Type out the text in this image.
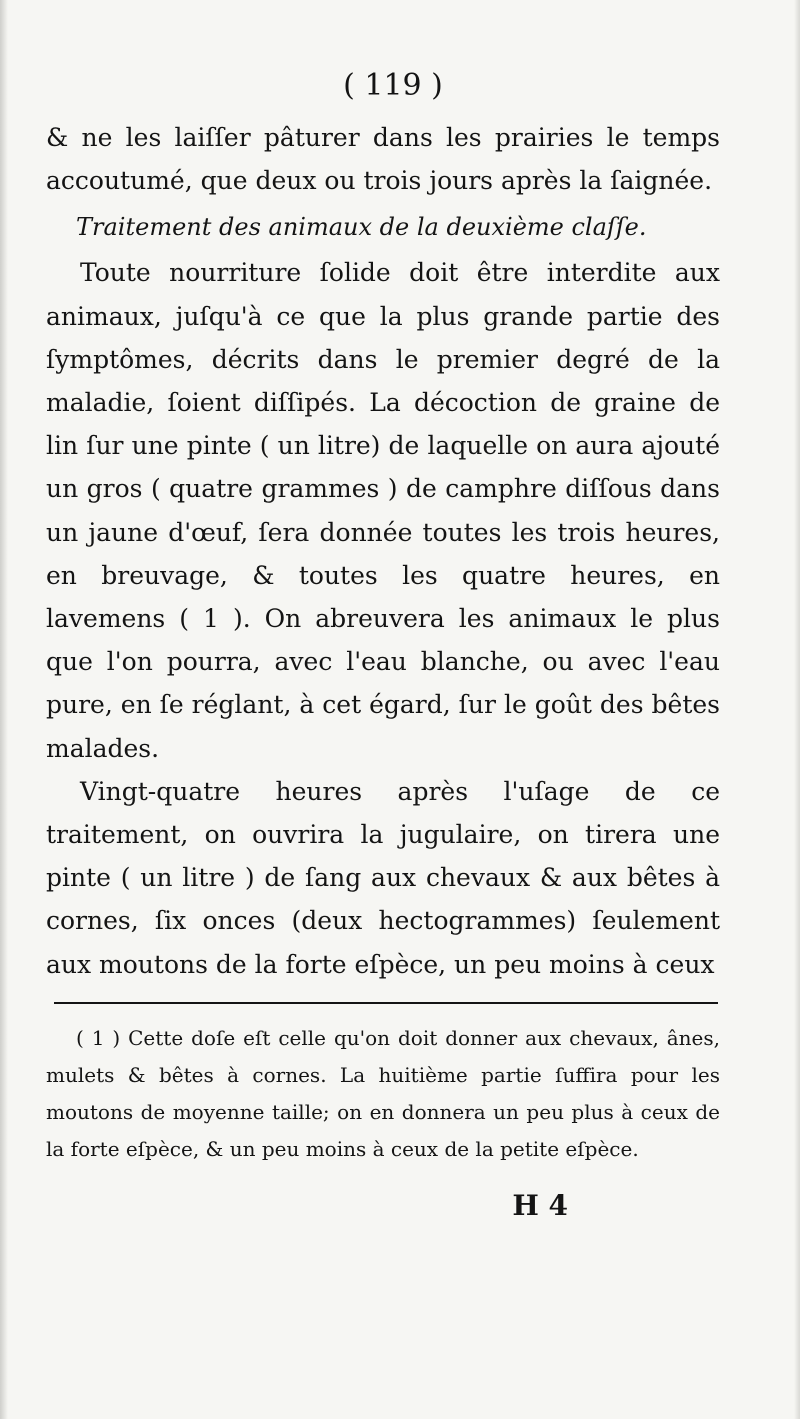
( 119 )

& ne les laiſſer pâturer dans les prairies le temps accoutumé, que deux ou trois jours après la ſaignée.

Traitement des animaux de la deuxième claſſe.

Toute nourriture ſolide doit être interdite aux animaux, juſqu'à ce que la plus grande partie des ſymptômes, décrits dans le premier degré de la maladie, ſoient diſſipés. La décoction de graine de lin ſur une pinte ( un litre) de laquelle on aura ajouté un gros ( quatre grammes ) de camphre diſſous dans un jaune d'œuf, ſera donnée toutes les trois heures, en breuvage, & toutes les quatre heures, en lavemens ( 1 ). On abreuvera les animaux le plus que l'on pourra, avec l'eau blanche, ou avec l'eau pure, en ſe réglant, à cet égard, ſur le goût des bêtes malades.

Vingt-quatre heures après l'uſage de ce traitement, on ouvrira la jugulaire, on tirera une pinte ( un litre ) de ſang aux chevaux & aux bêtes à cornes, ſix onces (deux hectogrammes) ſeulement aux moutons de la forte eſpèce, un peu moins à ceux

( 1 ) Cette doſe eſt celle qu'on doit donner aux chevaux, ânes, mulets & bêtes à cornes. La huitième partie ſuffira pour les moutons de moyenne taille; on en donnera un peu plus à ceux de la forte eſpèce, & un peu moins à ceux de la petite eſpèce.

H 4
